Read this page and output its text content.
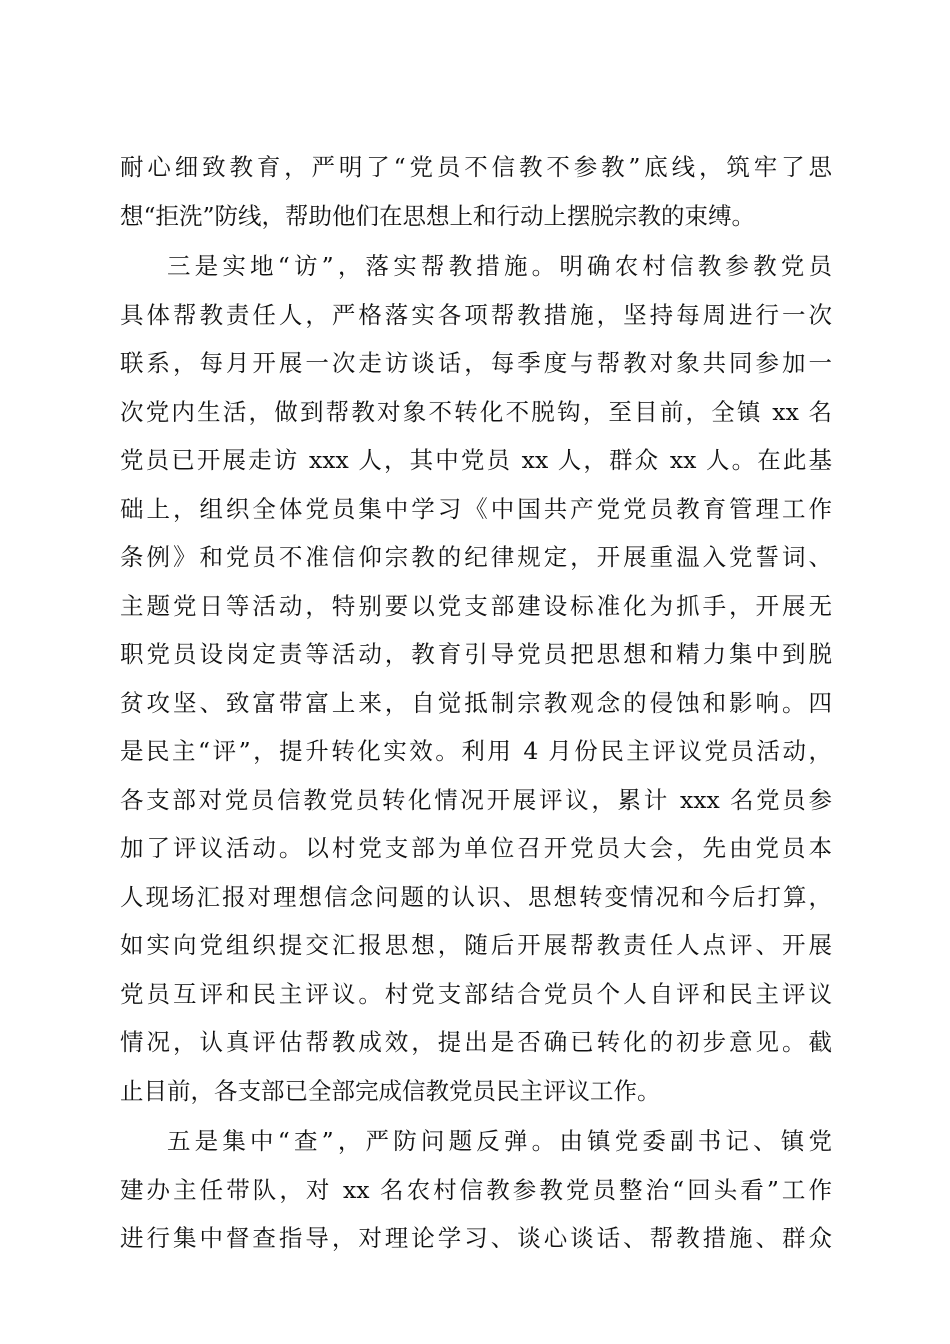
耐心细致教育，严明了“党员不信教不参教”底线，筑牢了思
想“拒洗”防线，帮助他们在思想上和行动上摆脱宗教的束缚。
三是实地“访”，落实帮教措施。明确农村信教参教党员
具体帮教责任人，严格落实各项帮教措施，坚持每周进行一次
联系，每月开展一次走访谈话，每季度与帮教对象共同参加一
次党内生活，做到帮教对象不转化不脱钩，至目前，全镇 xx 名
党员已开展走访 xxx 人，其中党员 xx 人，群众 xx 人。在此基
础上，组织全体党员集中学习《中国共产党党员教育管理工作
条例》和党员不准信仰宗教的纪律规定，开展重温入党誓词、
主题党日等活动，特别要以党支部建设标准化为抓手，开展无
职党员设岗定责等活动，教育引导党员把思想和精力集中到脱
贫攻坚、致富带富上来，自觉抵制宗教观念的侵蚀和影响。四
是民主“评”，提升转化实效。利用 4 月份民主评议党员活动，
各支部对党员信教党员转化情况开展评议，累计 xxx 名党员参
加了评议活动。以村党支部为单位召开党员大会，先由党员本
人现场汇报对理想信念问题的认识、思想转变情况和今后打算，
如实向党组织提交汇报思想，随后开展帮教责任人点评、开展
党员互评和民主评议。村党支部结合党员个人自评和民主评议
情况，认真评估帮教成效，提出是否确已转化的初步意见。截
止目前，各支部已全部完成信教党员民主评议工作。
五是集中“查”，严防问题反弹。由镇党委副书记、镇党
建办主任带队，对 xx 名农村信教参教党员整治“回头看”工作
进行集中督查指导，对理论学习、谈心谈话、帮教措施、群众
